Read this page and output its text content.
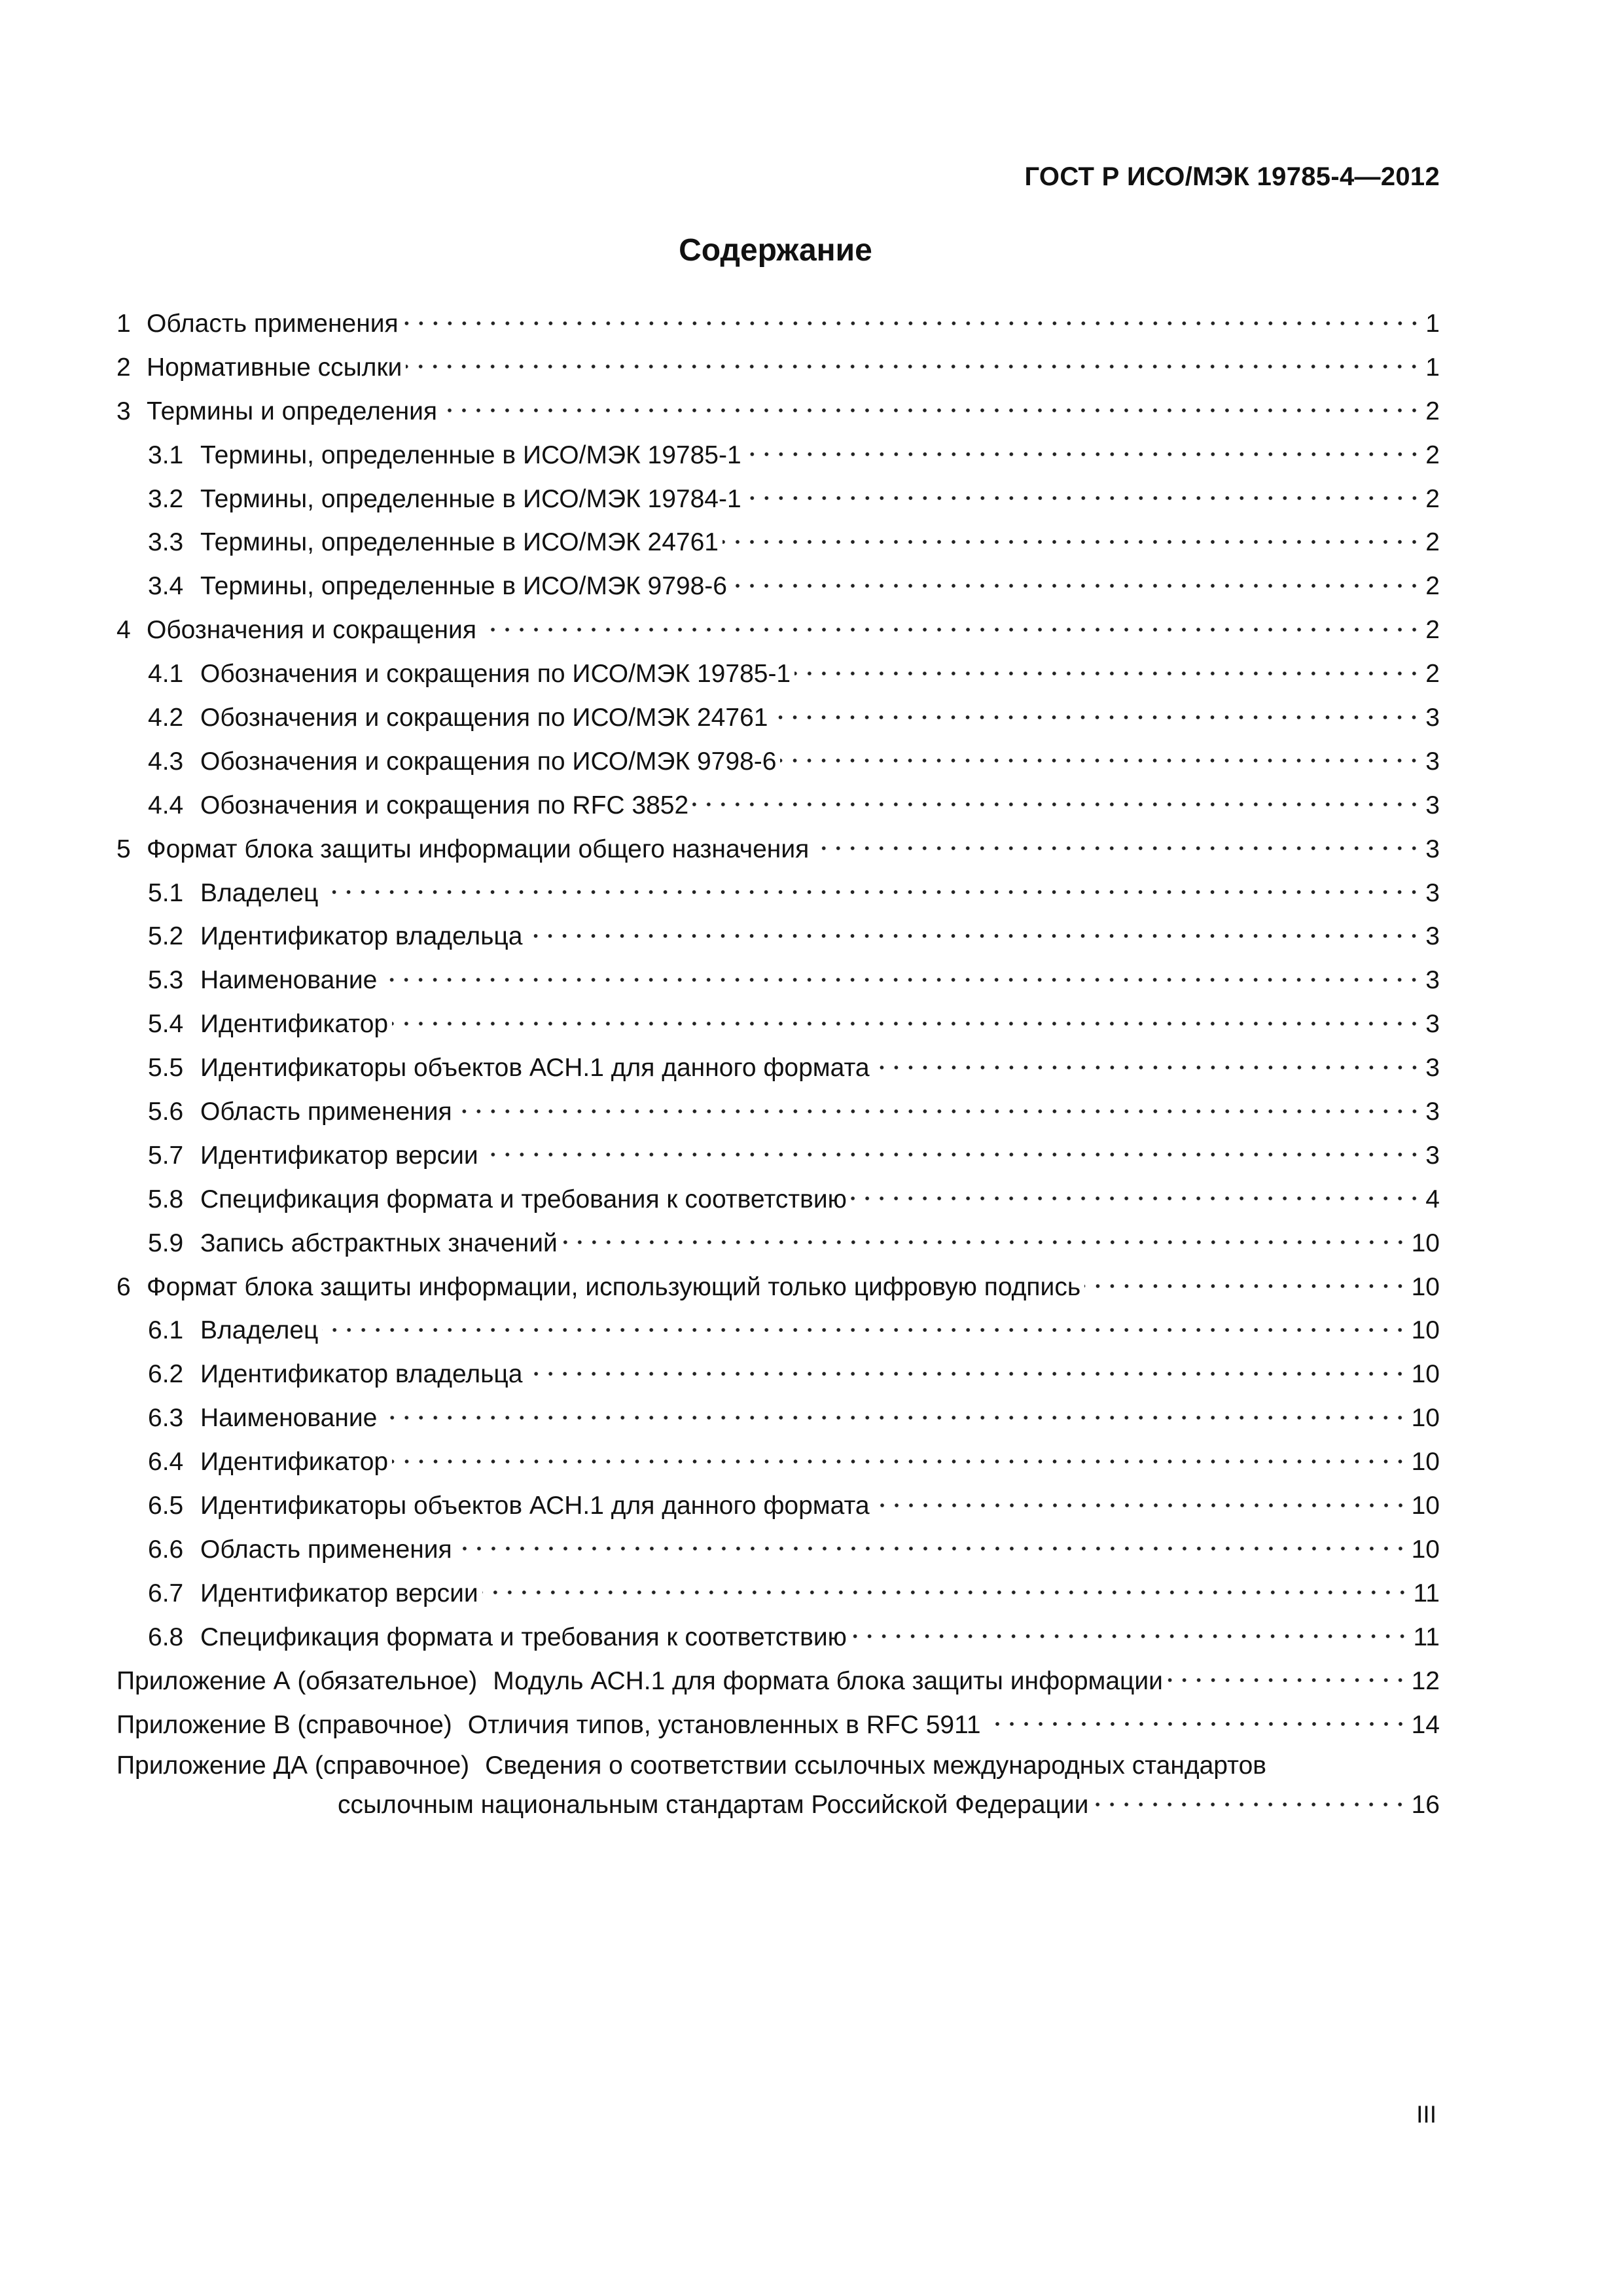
ГОСТ Р ИСО/МЭК 19785-4—2012
Содержание
1 Область применения	1
2 Нормативные ссылки	1
3 Термины и определения	2
3.1 Термины, определенные в ИСО/МЭК 19785-1	2
3.2 Термины, определенные в ИСО/МЭК 19784-1	2
3.3 Термины, определенные в ИСО/МЭК 24761	2
3.4 Термины, определенные в ИСО/МЭК 9798-6	2
4 Обозначения и сокращения	2
4.1 Обозначения и сокращения по ИСО/МЭК 19785-1	2
4.2 Обозначения и сокращения по ИСО/МЭК 24761	3
4.3 Обозначения и сокращения по ИСО/МЭК 9798-6	3
4.4 Обозначения и сокращения по RFC 3852	3
5 Формат блока защиты информации общего назначения	3
5.1 Владелец	3
5.2 Идентификатор владельца	3
5.3 Наименование	3
5.4 Идентификатор	3
5.5 Идентификаторы объектов АСН.1 для данного формата	3
5.6 Область применения	3
5.7 Идентификатор версии	3
5.8 Спецификация формата и требования к соответствию	4
5.9 Запись абстрактных значений	10
6 Формат блока защиты информации, использующий только цифровую подпись	10
6.1 Владелец	10
6.2 Идентификатор владельца	10
6.3 Наименование	10
6.4 Идентификатор	10
6.5 Идентификаторы объектов АСН.1 для данного формата	10
6.6 Область применения	10
6.7 Идентификатор версии	11
6.8 Спецификация формата и требования к соответствию	11
Приложение А (обязательное) Модуль АСН.1 для формата блока защиты информации	12
Приложение В (справочное) Отличия типов, установленных в RFC 5911	14
Приложение ДА (справочное) Сведения о соответствии ссылочных международных стандартов
ссылочным национальным стандартам Российской Федерации	16
III
